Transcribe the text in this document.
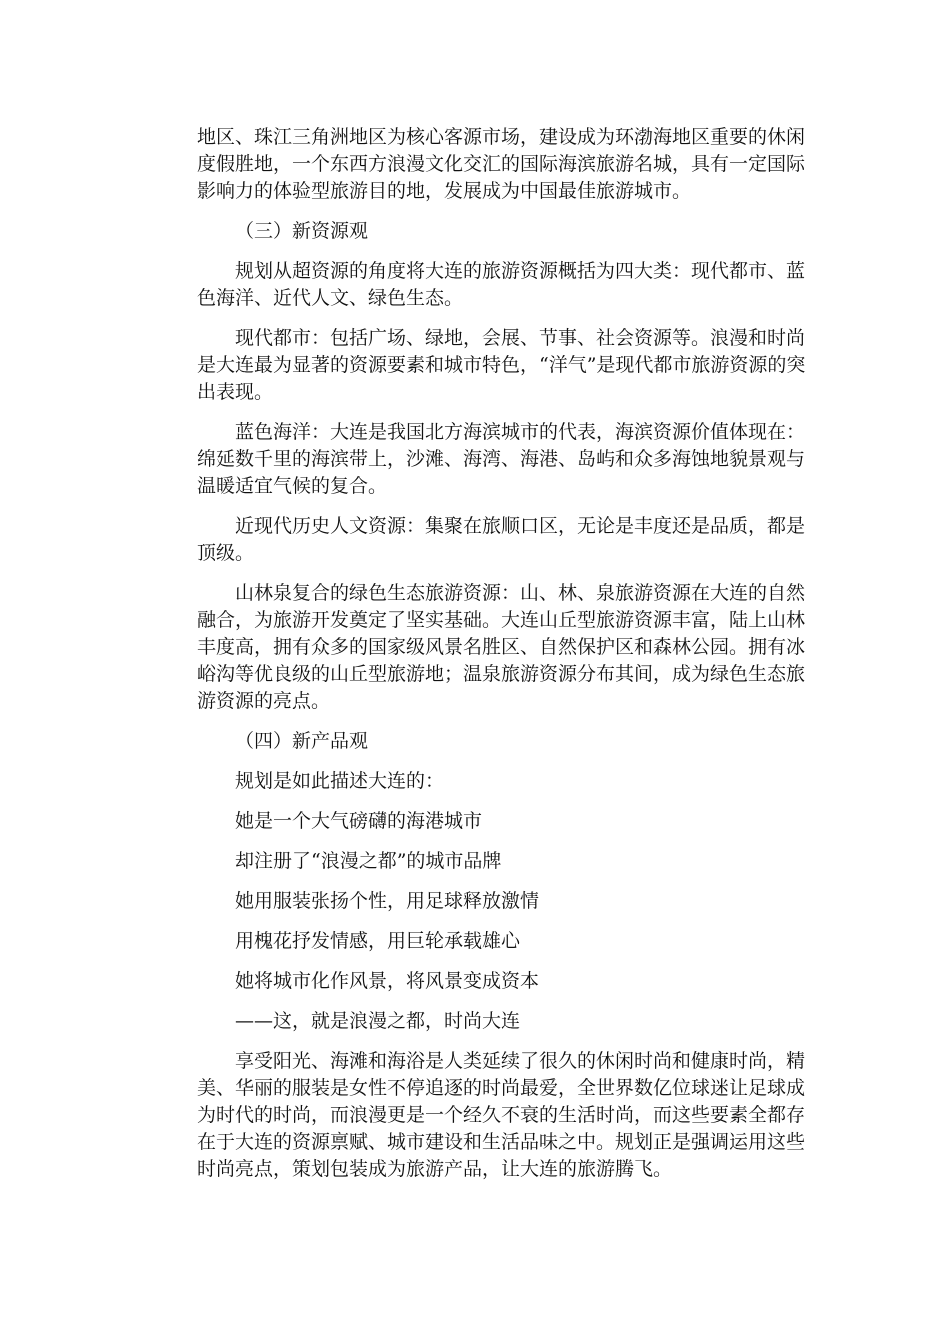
地区、珠江三角洲地区为核心客源市场，建设成为环渤海地区重要的休闲度假胜地，一个东西方浪漫文化交汇的国际海滨旅游名城，具有一定国际影响力的体验型旅游目的地，发展成为中国最佳旅游城市。

（三）新资源观

规划从超资源的角度将大连的旅游资源概括为四大类：现代都市、蓝色海洋、近代人文、绿色生态。

现代都市：包括广场、绿地，会展、节事、社会资源等。浪漫和时尚是大连最为显著的资源要素和城市特色，“洋气”是现代都市旅游资源的突出表现。

蓝色海洋：大连是我国北方海滨城市的代表，海滨资源价值体现在：绵延数千里的海滨带上，沙滩、海湾、海港、岛屿和众多海蚀地貌景观与温暖适宜气候的复合。

近现代历史人文资源：集聚在旅顺口区，无论是丰度还是品质，都是顶级。

山林泉复合的绿色生态旅游资源：山、林、泉旅游资源在大连的自然融合，为旅游开发奠定了坚实基础。大连山丘型旅游资源丰富，陆上山林丰度高，拥有众多的国家级风景名胜区、自然保护区和森林公园。拥有冰峪沟等优良级的山丘型旅游地；温泉旅游资源分布其间，成为绿色生态旅游资源的亮点。

（四）新产品观

规划是如此描述大连的：

她是一个大气磅礴的海港城市

却注册了“浪漫之都”的城市品牌

她用服装张扬个性，用足球释放激情

用槐花抒发情感，用巨轮承载雄心

她将城市化作风景，将风景变成资本

——这，就是浪漫之都，时尚大连

享受阳光、海滩和海浴是人类延续了很久的休闲时尚和健康时尚，精美、华丽的服装是女性不停追逐的时尚最爱，全世界数亿位球迷让足球成为时代的时尚，而浪漫更是一个经久不衰的生活时尚，而这些要素全都存在于大连的资源禀赋、城市建设和生活品味之中。规划正是强调运用这些时尚亮点，策划包装成为旅游产品，让大连的旅游腾飞。
